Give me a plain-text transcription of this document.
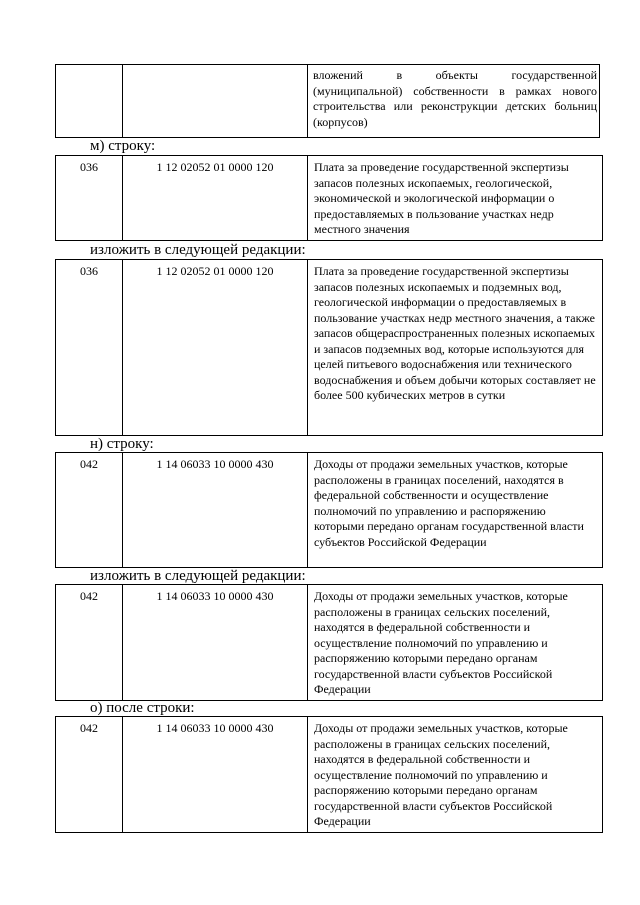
		вложений в объекты государственной (муниципальной) собственности в рамках нового строительства или реконструкции детских больниц (корпусов)
м) строку:
036	1 12 02052 01 0000 120	Плата за проведение государственной экспертизы запасов полезных ископаемых, геологической, экономической и экологической информации о предоставляемых в пользование участках недр местного значения
изложить в следующей редакции:
036	1 12 02052 01 0000 120	Плата за проведение государственной экспертизы запасов полезных ископаемых и подземных вод, геологической информации о предоставляемых в пользование участках недр местного значения, а также запасов общераспространенных полезных ископаемых и запасов подземных вод, которые используются для целей питьевого водоснабжения или технического водоснабжения и объем добычи которых составляет не более 500 кубических метров в сутки
н) строку:
042	1 14 06033 10 0000 430	Доходы от продажи земельных участков, которые расположены в границах поселений, находятся в федеральной собственности и осуществление полномочий по управлению и распоряжению которыми передано органам государственной власти субъектов Российской Федерации
изложить в следующей редакции:
042	1 14 06033 10 0000 430	Доходы от продажи земельных участков, которые расположены в границах сельских поселений, находятся в федеральной собственности и осуществление полномочий по управлению и распоряжению которыми передано органам государственной власти субъектов Российской Федерации
о) после строки:
042	1 14 06033 10 0000 430	Доходы от продажи земельных участков, которые расположены в границах сельских поселений, находятся в федеральной собственности и осуществление полномочий по управлению и распоряжению которыми передано органам государственной власти субъектов Российской Федерации
